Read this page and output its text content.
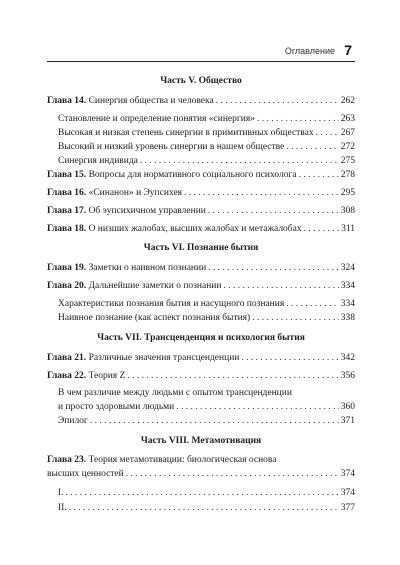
Оглавление 7
Часть V. Общество
Глава 14. Синергия общества и человека . . .	262
Становление и определение понятия «синергия» . . .	263
Высокая и низкая степень синергии в примитивных обществах . . .	267
Высокий и низкий уровень синергии в нашем обществе . . .	272
Синергия индивида . . .	275
Глава 15. Вопросы для нормативного социального психолога . . .	278
Глава 16. «Синанон» и Эупсихея . . .	295
Глава 17. Об эупсихичном управлении . . .	308
Глава 18. О низших жалобах, высших жалобах и метажалобах . . .	311
Часть VI. Познание бытия
Глава 19. Заметки о наивном познании . . .	324
Глава 20. Дальнейшие заметки о познании . . .	334
Характеристики познания бытия и насущного познания . . .	334
Наивное познание (как аспект познания бытия) . . .	338
Часть VII. Трансценденция и психология бытия
Глава 21. Различные значения трансценденции . . .	342
Глава 22. Теория Z . . .	356
В чем различие между людьми с опытом трансценденции
и просто здоровыми людьми . . .	360
Эпилог . . .	371
Часть VIII. Метамотивация
Глава 23. Теория метамотивации: биологическая основа
высших ценностей . . .	374
I. . . .	374
II. . . .	377
